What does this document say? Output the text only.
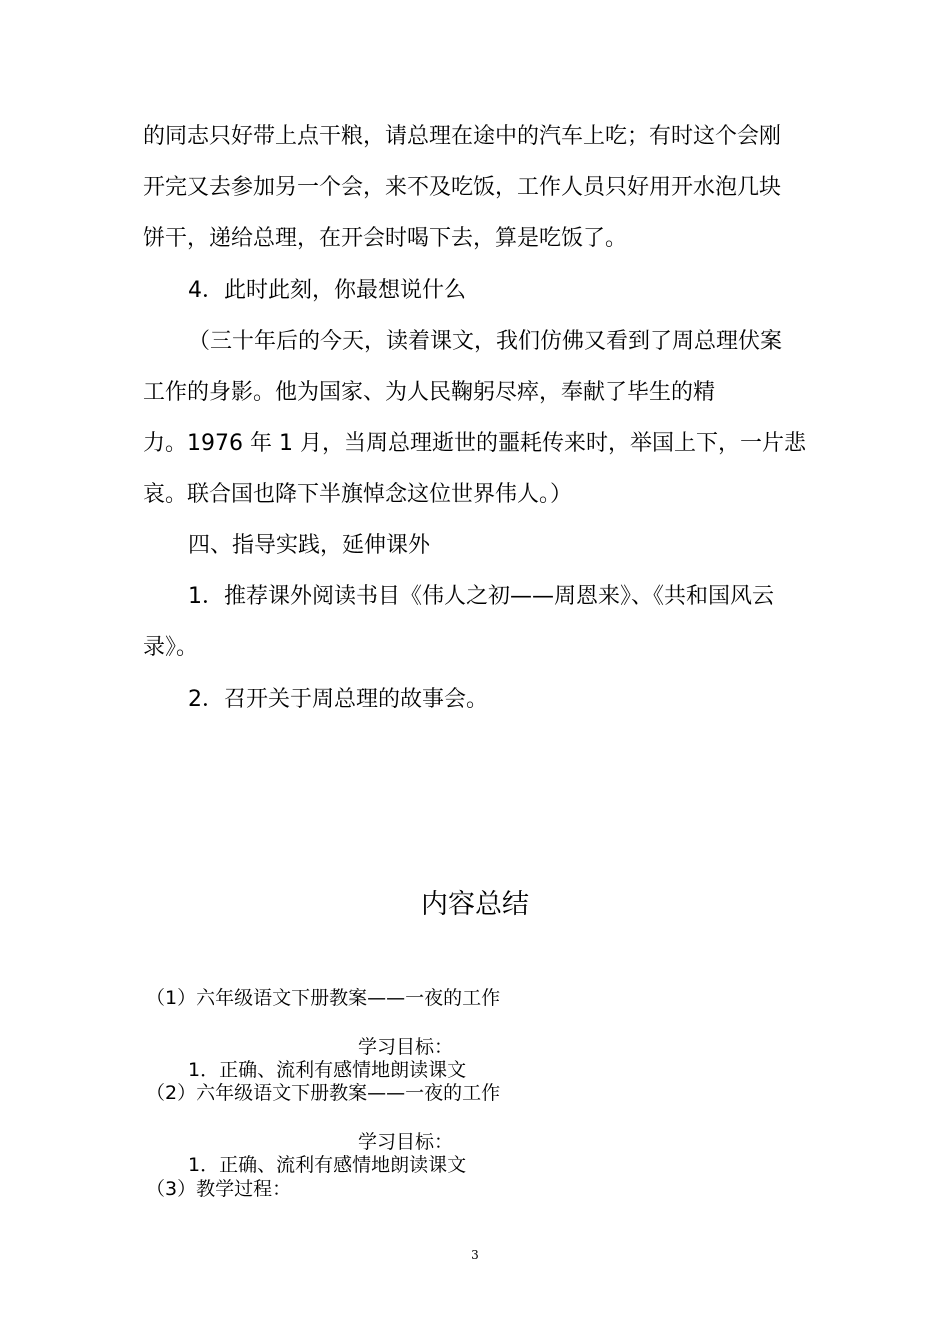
的同志只好带上点干粮，请总理在途中的汽车上吃；有时这个会刚
开完又去参加另一个会，来不及吃饭，工作人员只好用开水泡几块
饼干，递给总理，在开会时喝下去，算是吃饭了。
4．此时此刻，你最想说什么
（三十年后的今天，读着课文，我们仿佛又看到了周总理伏案
工作的身影。他为国家、为人民鞠躬尽瘁，奉献了毕生的精
力。1976 年 1 月，当周总理逝世的噩耗传来时，举国上下，一片悲
哀。联合国也降下半旗悼念这位世界伟人。）
四、指导实践，延伸课外
1．推荐课外阅读书目《伟人之初——周恩来》、《共和国风云
录》。
2．召开关于周总理的故事会。
内容总结
（1）六年级语文下册教案——一夜的工作
学习目标：
1．正确、流利有感情地朗读课文
（2）六年级语文下册教案——一夜的工作
学习目标：
1．正确、流利有感情地朗读课文
（3）教学过程：
3
